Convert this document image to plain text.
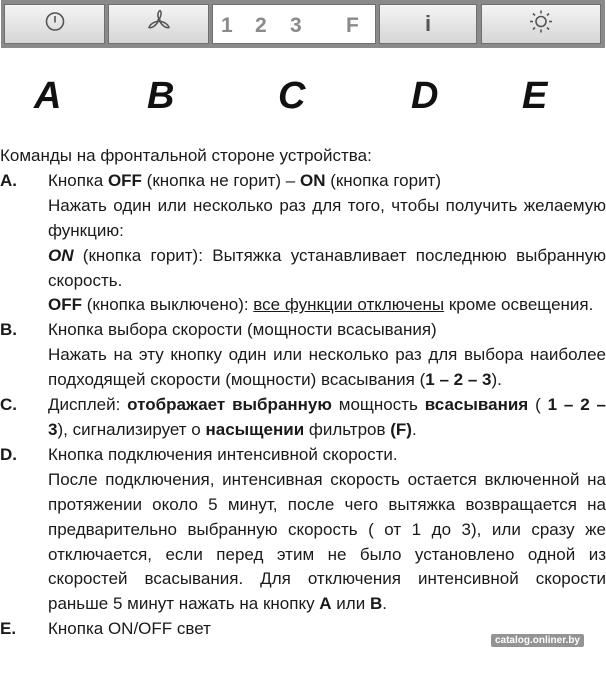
1 2 3 F	i
A B	C	D E
Команды на фронтальной стороне устройства:
A. Кнопка OFF (кнопка не горит) – ON (кнопка горит)
Нажать один или несколько раз для того, чтобы получить желаемую функцию:
ON (кнопка горит): Вытяжка устанавливает последнюю выбранную скорость.
OFF (кнопка выключено): все функции отключены кроме освещения.
B. Кнопка выбора скорости (мощности всасывания)
Нажать на эту кнопку один или несколько раз для выбора наиболее подходящей скорости (мощности) всасывания (1 – 2 – 3).
C. Дисплей: отображает выбранную мощность всасывания ( 1 – 2 – 3), сигнализирует о насыщении фильтров (F).
D. Кнопка подключения интенсивной скорости.
После подключения, интенсивная скорость остается включенной на протяжении около 5 минут, после чего вытяжка возвращается на предварительно выбранную скорость ( от 1 до 3), или сразу же отключается, если перед этим не было установлено одной из скоростей всасывания. Для отключения интенсивной скорости раньше 5 минут нажать на кнопку A или B.
E. Кнопка ON/OFF свет
catalog.onliner.by
